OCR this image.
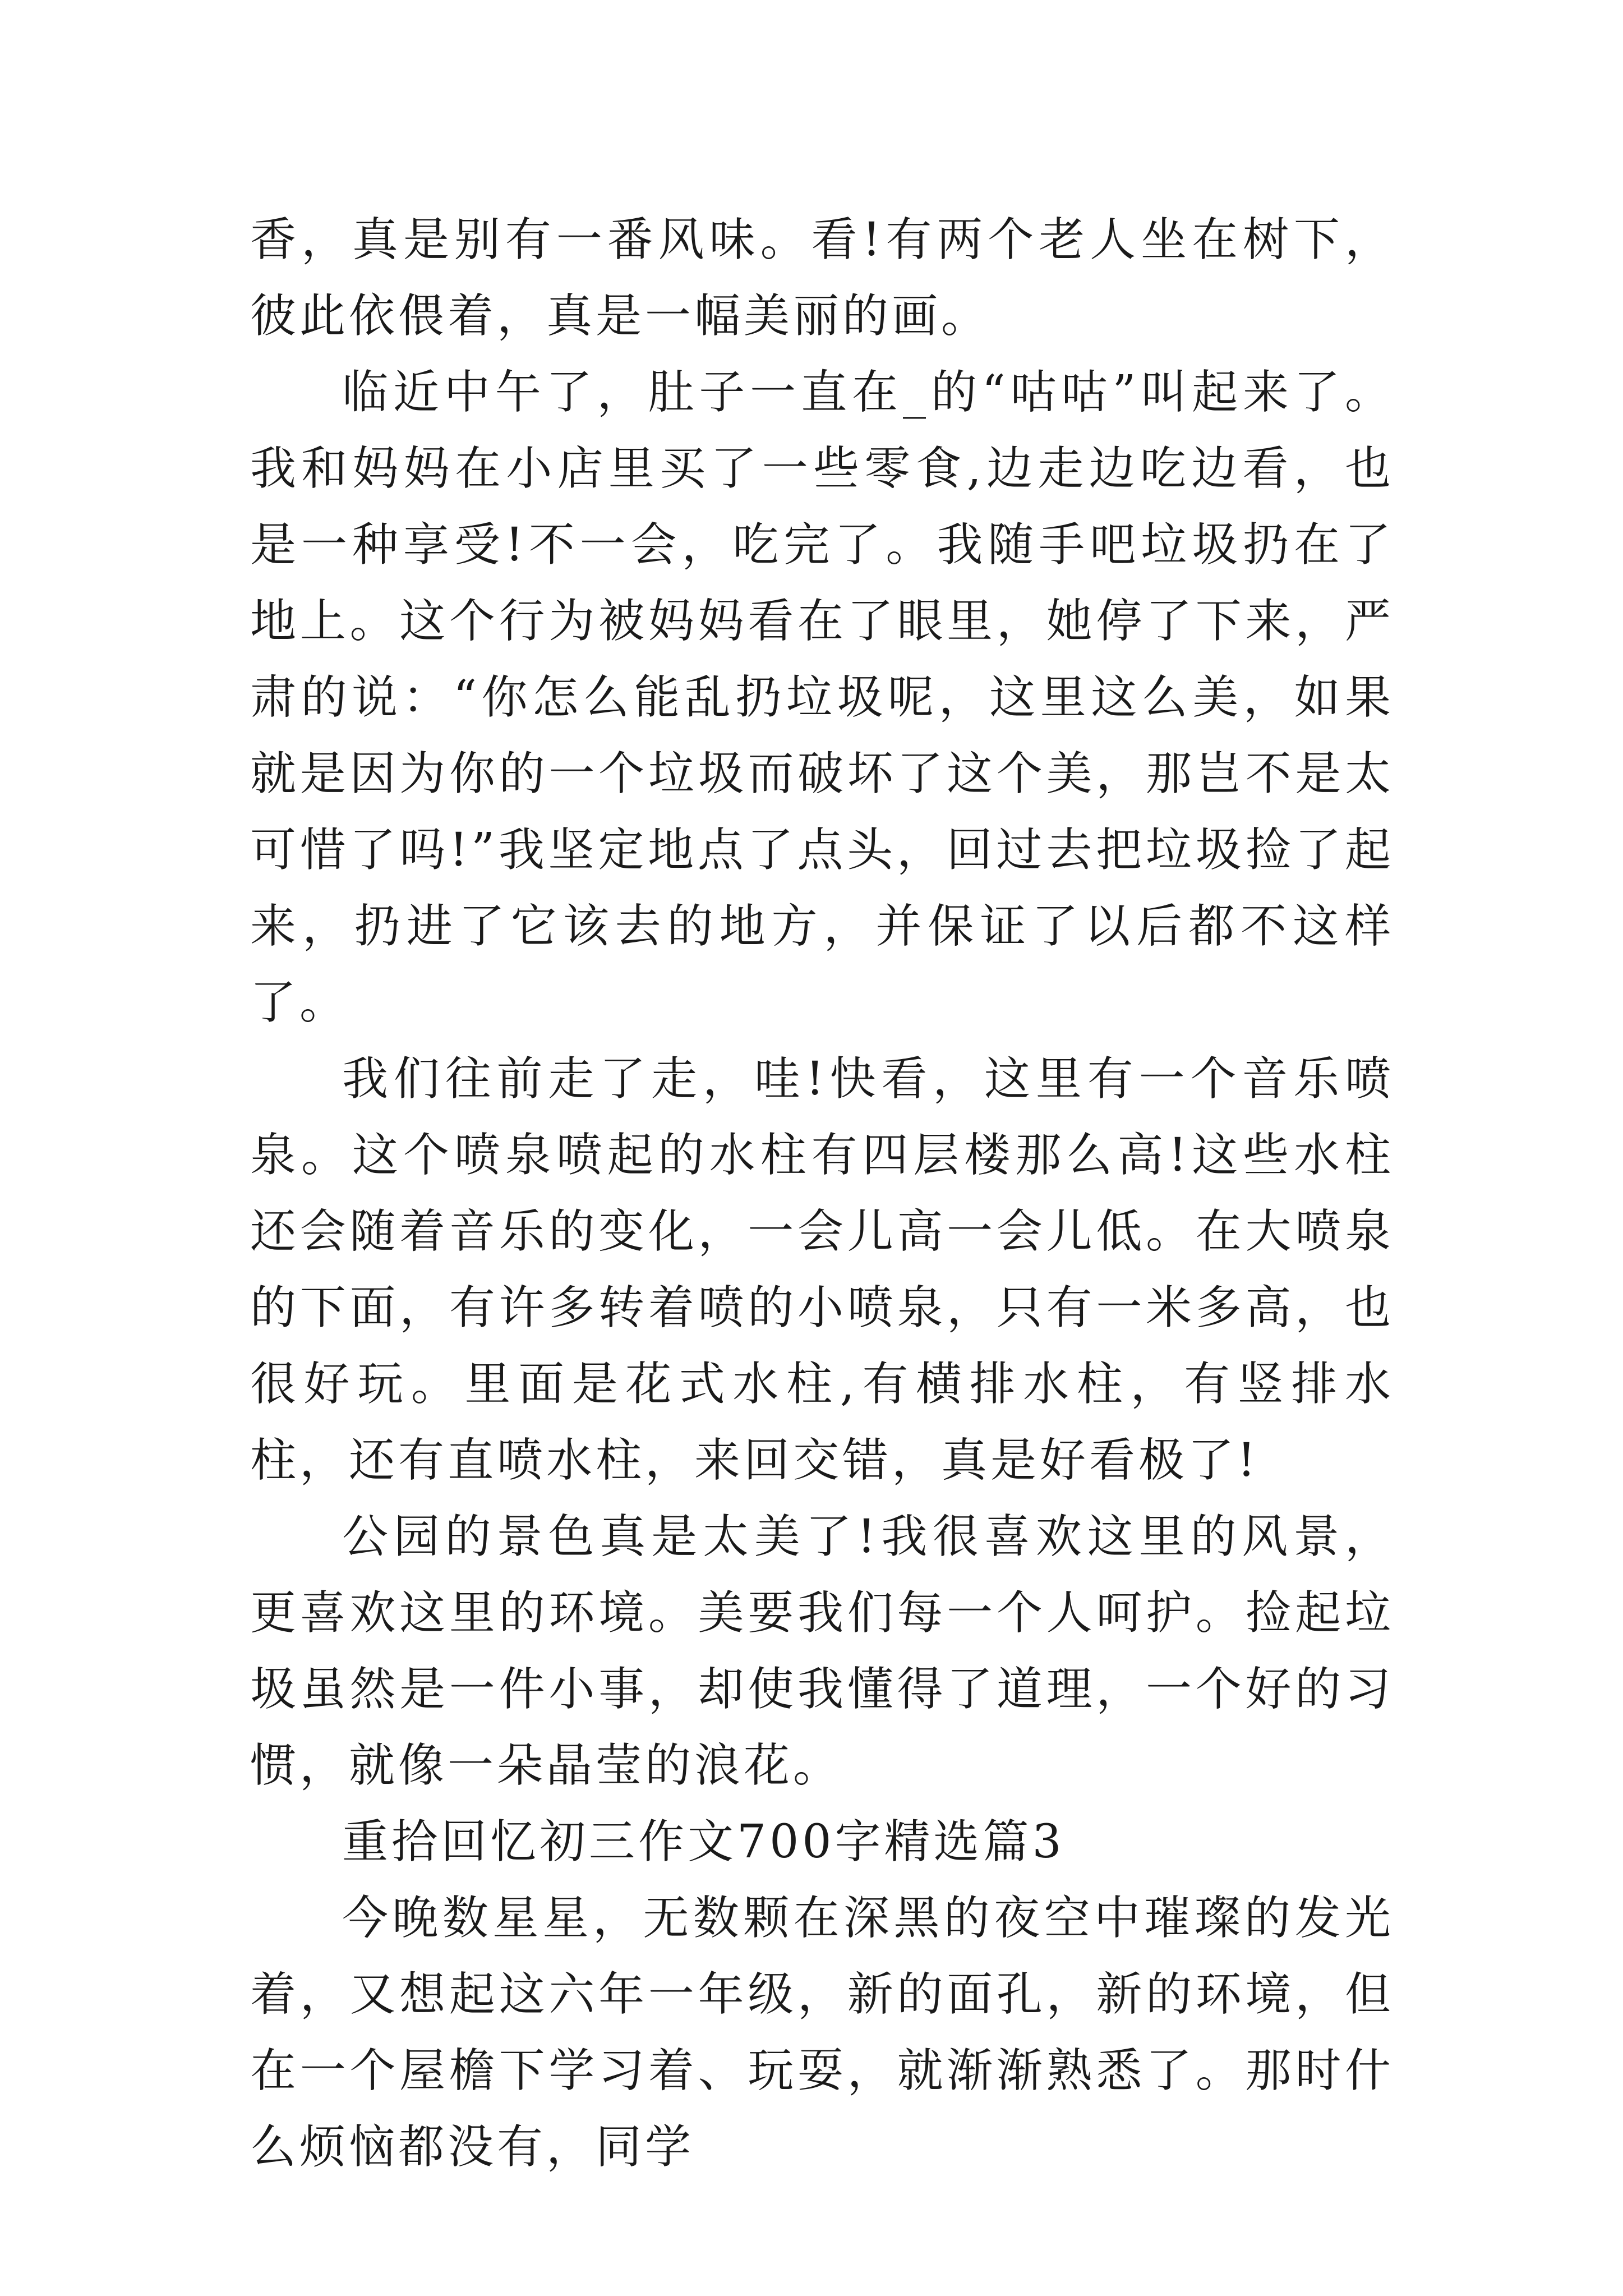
香，真是别有一番风味。看!有两个老人坐在树下，彼此依偎着，真是一幅美丽的画。

临近中午了，肚子一直在_的“咕咕”叫起来了。我和妈妈在小店里买了一些零食,边走边吃边看，也是一种享受!不一会，吃完了。我随手吧垃圾扔在了地上。这个行为被妈妈看在了眼里，她停了下来，严肃的说：“你怎么能乱扔垃圾呢，这里这么美，如果就是因为你的一个垃圾而破坏了这个美，那岂不是太可惜了吗!”我坚定地点了点头，回过去把垃圾捡了起来，扔进了它该去的地方，并保证了以后都不这样了。

我们往前走了走，哇!快看，这里有一个音乐喷泉。这个喷泉喷起的水柱有四层楼那么高!这些水柱还会随着音乐的变化，一会儿高一会儿低。在大喷泉的下面，有许多转着喷的小喷泉，只有一米多高，也很好玩。里面是花式水柱,有横排水柱，有竖排水柱，还有直喷水柱，来回交错，真是好看极了!

公园的景色真是太美了!我很喜欢这里的风景，更喜欢这里的环境。美要我们每一个人呵护。捡起垃圾虽然是一件小事，却使我懂得了道理，一个好的习惯，就像一朵晶莹的浪花。

重拾回忆初三作文700字精选篇3

今晚数星星，无数颗在深黑的夜空中璀璨的发光着，又想起这六年一年级，新的面孔，新的环境，但在一个屋檐下学习着、玩耍，就渐渐熟悉了。那时什么烦恼都没有，同学
